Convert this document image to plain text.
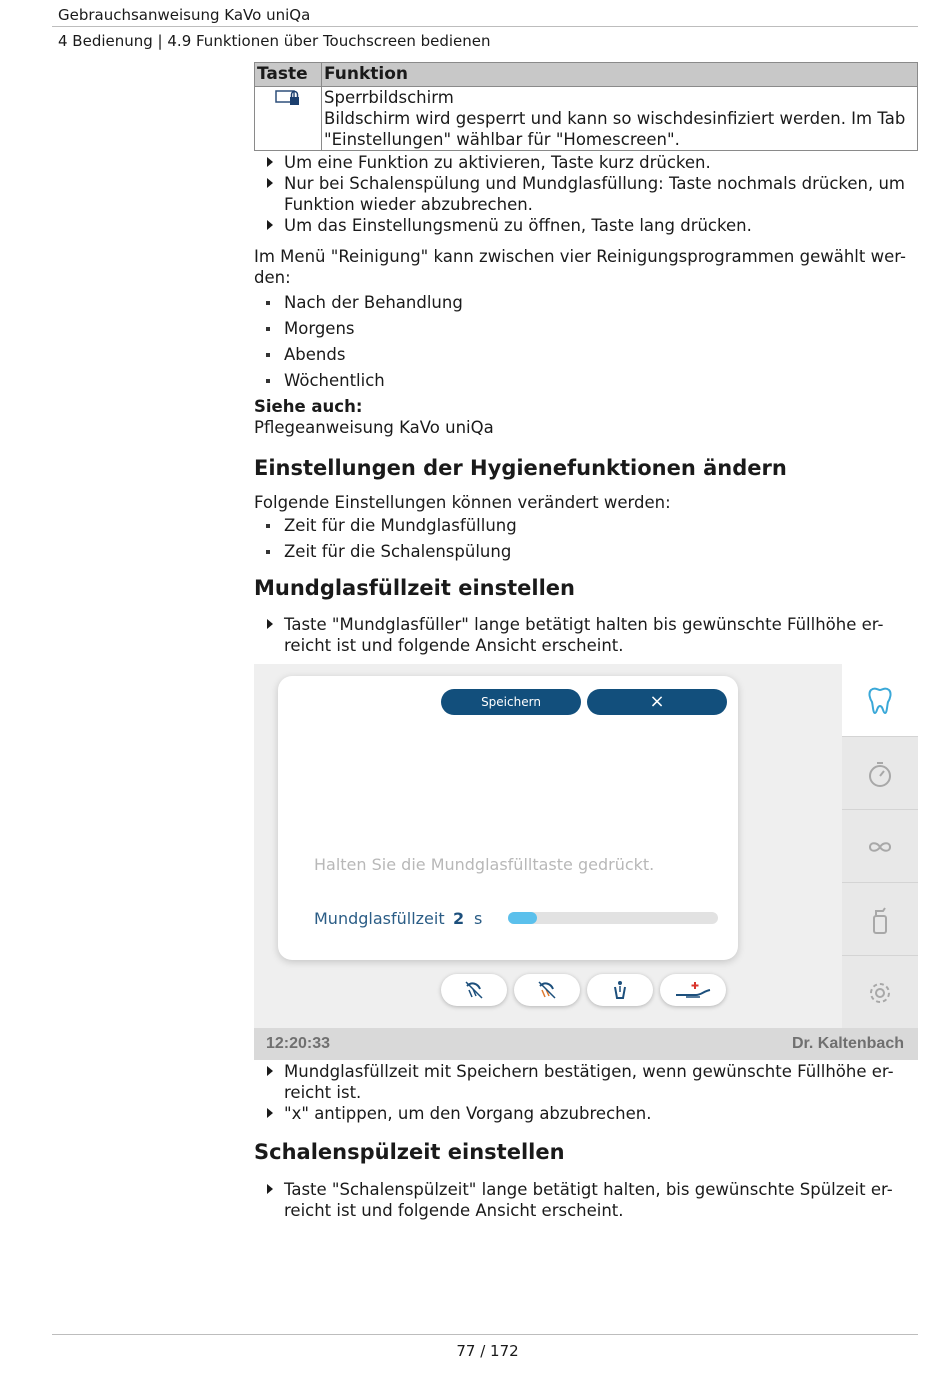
Gebrauchsanweisung KaVo uniQa
4 Bedienung | 4.9 Funktionen über Touchscreen bedienen
Taste	Funktion

Sperrbildschirm
Bildschirm wird gesperrt und kann so wischdesinfiziert werden. Im Tab "Einstellungen" wählbar für "Homescreen".
Um eine Funktion zu aktivieren, Taste kurz drücken.
Nur bei Schalenspülung und Mundglasfüllung: Taste nochmals drücken, um Funktion wieder abzubrechen.
Um das Einstellungsmenü zu öffnen, Taste lang drücken.

Im Menü "Reinigung" kann zwischen vier Reinigungsprogrammen gewählt wer-den:

Nach der Behandlung
Morgens
Abends
Wöchentlich

Siehe auch:

Pflegeanweisung KaVo uniQa

Einstellungen der Hygienefunktionen ändern

Folgende Einstellungen können verändert werden:

Zeit für die Mundglasfüllung
Zeit für die Schalenspülung
Mundglasfüllzeit einstellen
Taste "Mundglasfüller" lange betätigt halten bis gewünschte Füllhöhe er-reicht ist und folgende Ansicht erscheint.
Speichern	×
Halten Sie die Mundglasfülltaste gedrückt.
Mundglasfüllzeit 2 s
12:20:33	Dr. Kaltenbach
Mundglasfüllzeit mit Speichern bestätigen, wenn gewünschte Füllhöhe er-reicht ist.
"x" antippen, um den Vorgang abzubrechen.
Schalenspülzeit einstellen
Taste "Schalenspülzeit" lange betätigt halten, bis gewünschte Spülzeit er-reicht ist und folgende Ansicht erscheint.
77 / 172
